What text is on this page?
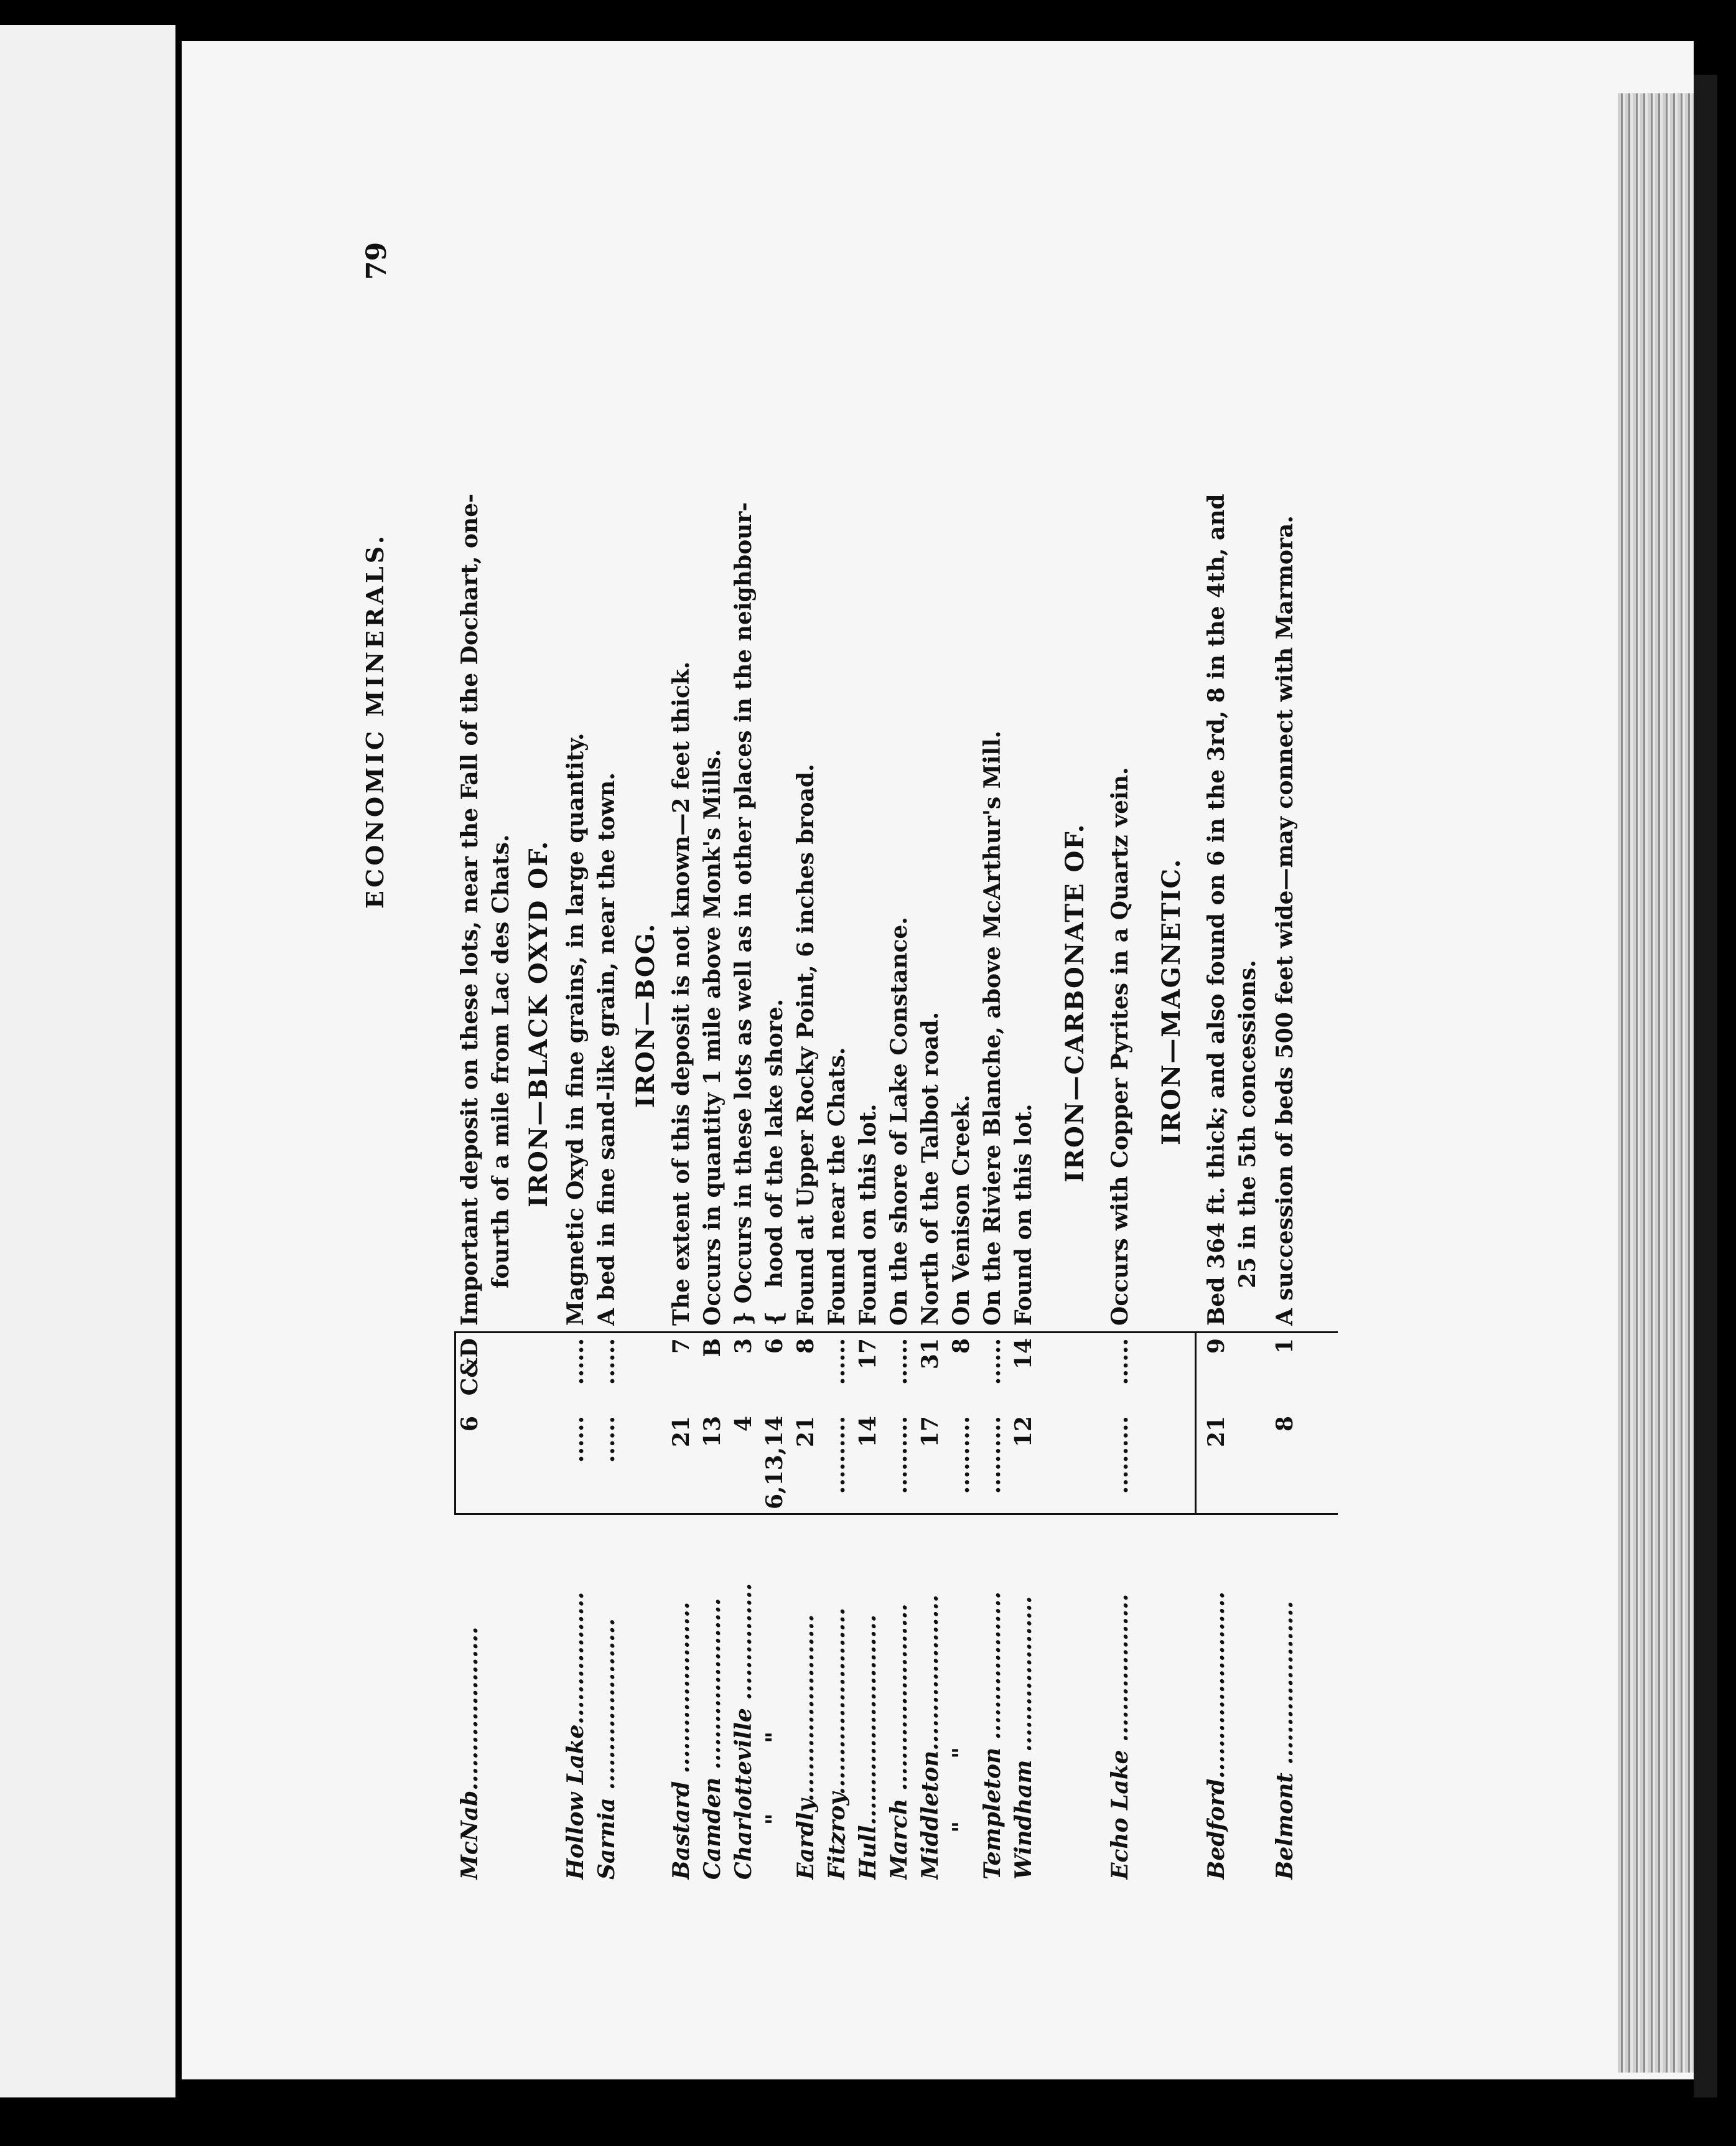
ECONOMIC MINERALS.
79
McNab.....................
6
C&D
Important deposit on these lots, near the Fall of the Dochart, one- fourth of a mile from Lac des Chats. IRON—BLACK OXYD OF.
Hollow Lake.................
......
......
Magnetic Oxyd in fine grains, in large quantity.
Sarnia ......................
......
......
A bed in fine sand-like grain, near the town. IRON—BOG.
Bastard ......................
21
7
The extent of this deposit is not known—2 feet thick.
Camden ......................
13
B
Occurs in quantity 1 mile above Monk's Mills.
Charlotteville ...............
4
3
} Occurs in these lots as well as in other places in the neighbour-
"         "
6,13,14
6
{   hood of the lake shore.
Eardly........................
21
8
Found at Upper Rocky Point, 6 inches broad.
Fitzroy........................
..........
......
Found near the Chats.
Hull...........................
14
17
Found on this lot.
March ........................
..........
......
On the shore of Lake Constance.
Middleton....................
17
31
North of the Talbot road.
"        "
..........
8
On Venison Creek.
Templeton ...................
..........
......
On the Riviere Blanche, above McArthur's Mill.
Windham ....................
12
14
Found on this lot.
IRON—CARBONATE OF.
Echo Lake ...................
..........
......
Occurs with Copper Pyrites in a Quartz vein. IRON—MAGNETIC.
Bedford........................
21
9
Bed 364 ft. thick; and also found on 6 in the 3rd, 8 in the 4th, and 25 in the 5th concessions.
Belmont .....................
8
1
A succession of beds 500 feet wide—may connect with Marmora.
